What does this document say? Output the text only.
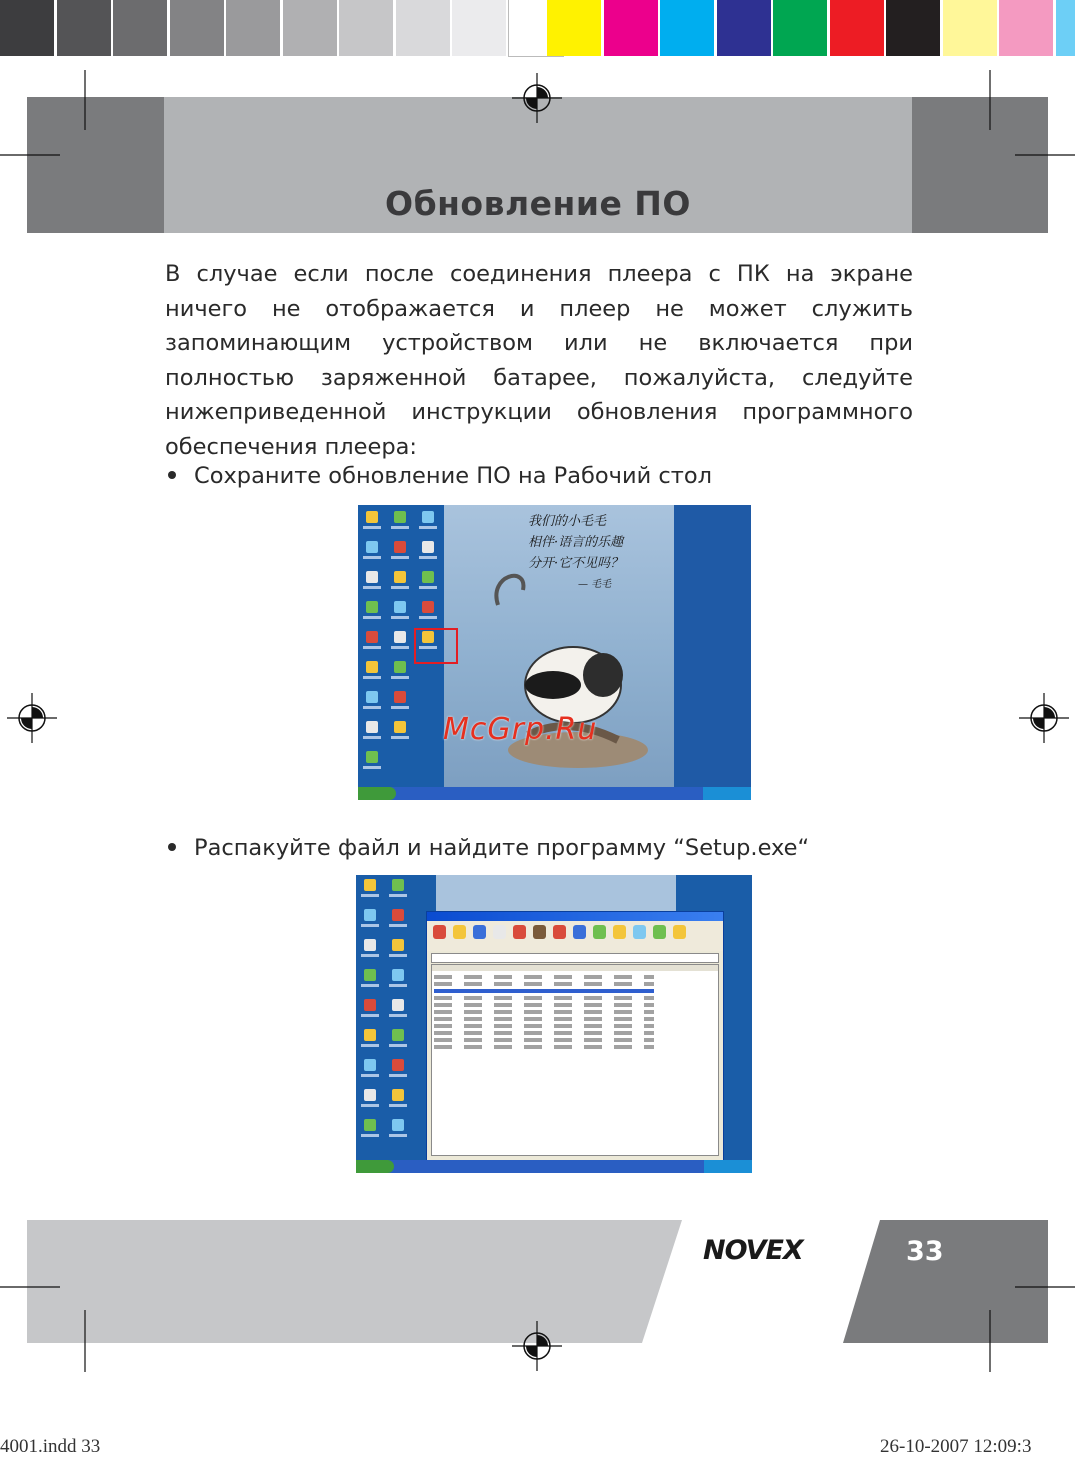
Обновление ПО
В случае если после соединения плеера с ПК на экране ничего не отображается и плеер не может служить запоминающим устройством или не включается при полностью заряженной батарее, пожалуйста, следуйте нижеприведенной инструкции обновления программного обеспечения плеера:
Сохраните обновление ПО на Рабочий стол
我们的小毛毛
相伴·语言的乐趣
分开·它不见吗？
— 毛毛
Распакуйте файл и найдите программу “Setup.exe“
McGrp.Ru
NOVEX	33
4001.indd 33	26-10-2007 12:09:3
